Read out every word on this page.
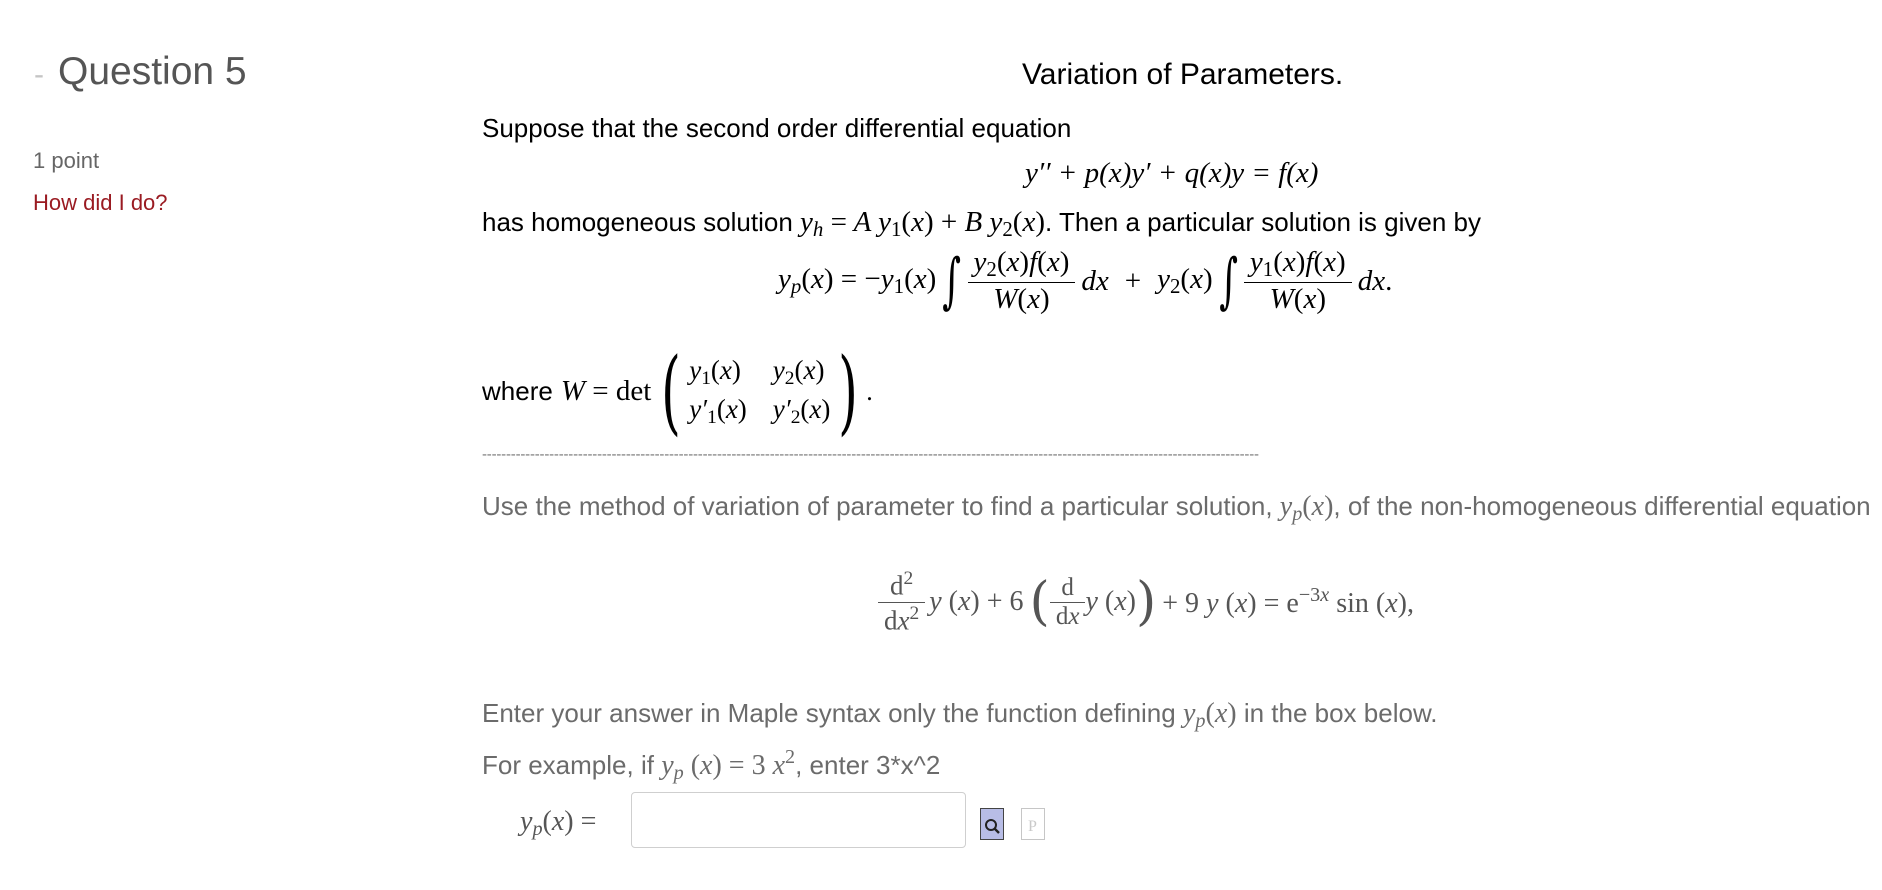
- Question 5
1 point
How did I do?
Variation of Parameters.
Suppose that the second order differential equation
y′′ + p(x)y′ + q(x)y = f(x)
has homogeneous solution $y_h = A$ $y_1(x) + B$ $y_2(x)$. Then a particular solution is given by
$y_p(x) = -y_1(x)$ ∫ $\frac{y_2(x)f(x)}{W(x)}$ dx + $y_2(x)$ ∫ $\frac{y_1(x)f(x)}{W(x)}$ dx.
where W = det ( $y_1(x)$ $y_2(x)$
$y'_1(x)$ $y'_2(x)$ ) .
------------------------------------------------------------------------------------------------------------------------------------------------------------------
Use the method of variation of parameter to find a particular solution, $y_p(x)$, of the non-homogeneous differential equation
$\frac{d^2}{dx^2}$ y (x) + 6 ( $\frac{d}{dx}$ y (x) ) + 9 y $(x) = e^{-3x}$ sin (x),
Enter your answer in Maple syntax only the function defining $y_p(x)$ in the box below.
For example, if $y_p$ (x) = 3 $x^2$, enter 3*x^2
$y_p(x)$ =	P
